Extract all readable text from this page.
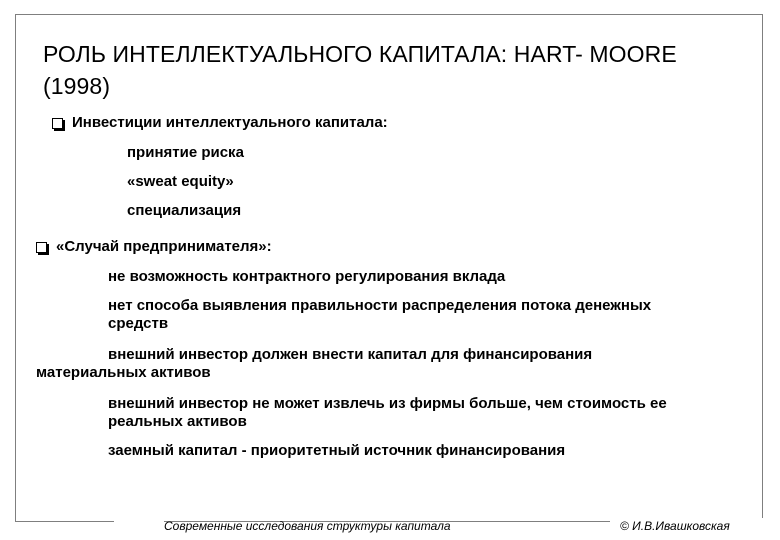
РОЛЬ ИНТЕЛЛЕКТУАЛЬНОГО КАПИТАЛА: HART- MOORE (1998)
Инвестиции интеллектуального капитала:
принятие риска
«sweat equity»
специализация
«Случай предпринимателя»:
не возможность контрактного регулирования вклада
нет способа выявления правильности распределения потока денежных средств
внешний инвестор должен внести капитал для финансирования
материальных активов
внешний инвестор не может извлечь из фирмы больше, чем стоимость ее реальных активов
заемный капитал - приоритетный источник финансирования
Современные исследования структуры капитала	© И.В.Ивашковская
